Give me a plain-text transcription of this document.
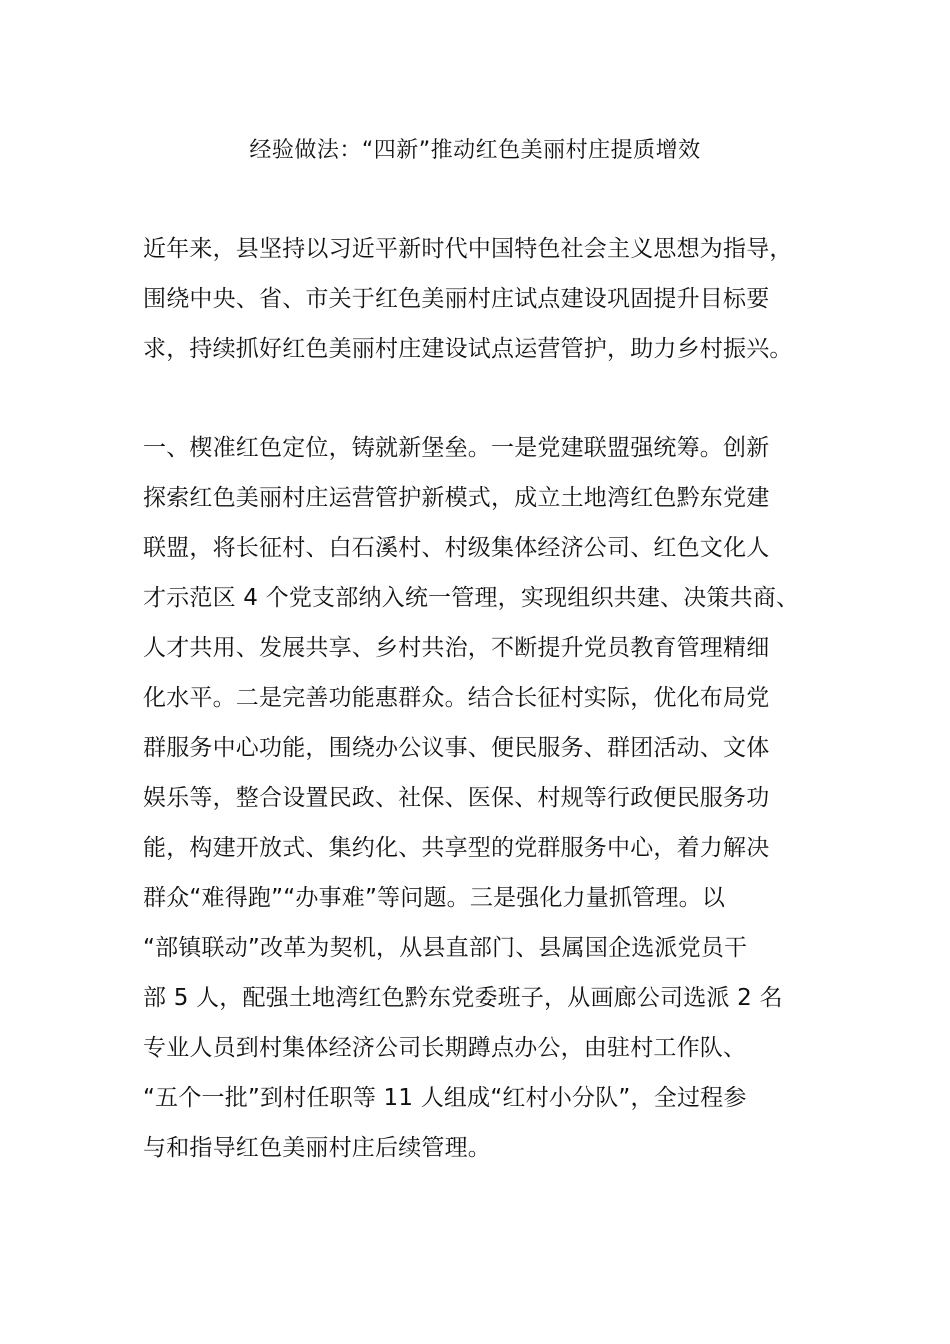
经验做法：“四新”推动红色美丽村庄提质增效
近年来，县坚持以习近平新时代中国特色社会主义思想为指导，
围绕中央、省、市关于红色美丽村庄试点建设巩固提升目标要
求，持续抓好红色美丽村庄建设试点运营管护，助力乡村振兴。
一、楔准红色定位，铸就新堡垒。一是党建联盟强统筹。创新
探索红色美丽村庄运营管护新模式，成立土地湾红色黔东党建
联盟，将长征村、白石溪村、村级集体经济公司、红色文化人
才示范区 4 个党支部纳入统一管理，实现组织共建、决策共商、
人才共用、发展共享、乡村共治，不断提升党员教育管理精细
化水平。二是完善功能惠群众。结合长征村实际，优化布局党
群服务中心功能，围绕办公议事、便民服务、群团活动、文体
娱乐等，整合设置民政、社保、医保、村规等行政便民服务功
能，构建开放式、集约化、共享型的党群服务中心，着力解决
群众“难得跑”“办事难”等问题。三是强化力量抓管理。以
“部镇联动”改革为契机，从县直部门、县属国企选派党员干
部 5 人，配强土地湾红色黔东党委班子，从画廊公司选派 2 名
专业人员到村集体经济公司长期蹲点办公，由驻村工作队、
“五个一批”到村任职等 11 人组成“红村小分队”，全过程参
与和指导红色美丽村庄后续管理。
